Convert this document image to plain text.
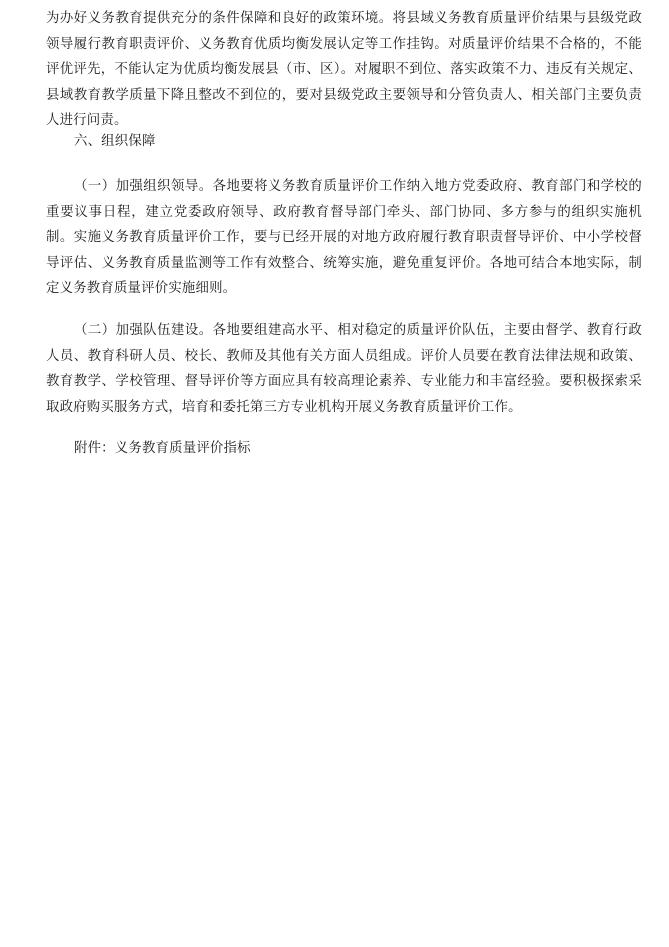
为办好义务教育提供充分的条件保障和良好的政策环境。将县域义务教育质量评价结果与县级党政领导履行教育职责评价、义务教育优质均衡发展认定等工作挂钩。对质量评价结果不合格的，不能评优评先，不能认定为优质均衡发展县（市、区）。对履职不到位、落实政策不力、违反有关规定、县域教育教学质量下降且整改不到位的，要对县级党政主要领导和分管负责人、相关部门主要负责人进行问责。

六、组织保障

（一）加强组织领导。各地要将义务教育质量评价工作纳入地方党委政府、教育部门和学校的重要议事日程，建立党委政府领导、政府教育督导部门牵头、部门协同、多方参与的组织实施机制。实施义务教育质量评价工作，要与已经开展的对地方政府履行教育职责督导评价、中小学校督导评估、义务教育质量监测等工作有效整合、统筹实施，避免重复评价。各地可结合本地实际，制定义务教育质量评价实施细则。

（二）加强队伍建设。各地要组建高水平、相对稳定的质量评价队伍，主要由督学、教育行政人员、教育科研人员、校长、教师及其他有关方面人员组成。评价人员要在教育法律法规和政策、教育教学、学校管理、督导评价等方面应具有较高理论素养、专业能力和丰富经验。要积极探索采取政府购买服务方式，培育和委托第三方专业机构开展义务教育质量评价工作。

附件：义务教育质量评价指标
